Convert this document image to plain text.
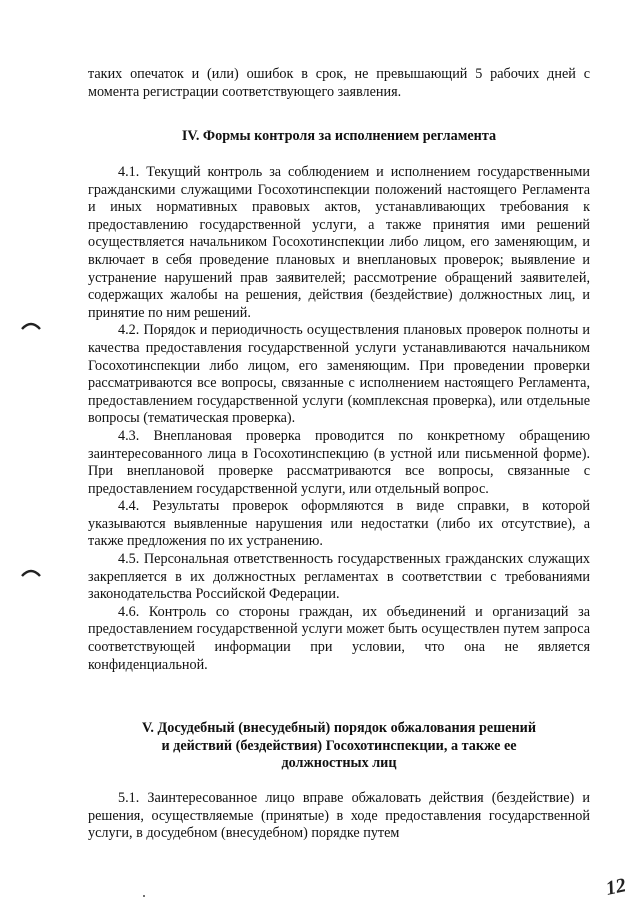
таких опечаток и (или) ошибок в срок, не превышающий 5 рабочих дней с момента регистрации соответствующего заявления.

IV. Формы контроля за исполнением регламента

4.1. Текущий контроль за соблюдением и исполнением государственными гражданскими служащими Госохотинспекции положений настоящего Регламента и иных нормативных правовых актов, устанавливающих требования к предоставлению государственной услуги, а также принятия ими решений осуществляется начальником Госохотинспекции либо лицом, его заменяющим, и включает в себя проведение плановых и внеплановых проверок; выявление и устранение нарушений прав заявителей; рассмотрение обращений заявителей, содержащих жалобы на решения, действия (бездействие) должностных лиц, и принятие по ним решений.

4.2. Порядок и периодичность осуществления плановых проверок полноты и качества предоставления государственной услуги устанавливаются начальником Госохотинспекции либо лицом, его заменяющим. При проведении проверки рассматриваются все вопросы, связанные с исполнением настоящего Регламента, предоставлением государственной услуги (комплексная проверка), или отдельные вопросы (тематическая проверка).

4.3. Внеплановая проверка проводится по конкретному обращению заинтересованного лица в Госохотинспекцию (в устной или письменной форме). При внеплановой проверке рассматриваются все вопросы, связанные с предоставлением государственной услуги, или отдельный вопрос.

4.4. Результаты проверок оформляются в виде справки, в которой указываются выявленные нарушения или недостатки (либо их отсутствие), а также предложения по их устранению.

4.5. Персональная ответственность государственных гражданских служащих закрепляется в их должностных регламентах в соответствии с требованиями законодательства Российской Федерации.

4.6. Контроль со стороны граждан, их объединений и организаций за предоставлением государственной услуги может быть осуществлен путем запроса соответствующей информации при условии, что она не является конфиденциальной.

V. Досудебный (внесудебный) порядок обжалования решений
и действий (бездействия) Госохотинспекции, а также ее
должностных лиц

5.1. Заинтересованное лицо вправе обжаловать действия (бездействие) и решения, осуществляемые (принятые) в ходе предоставления государственной услуги, в досудебном (внесудебном) порядке путем

12
